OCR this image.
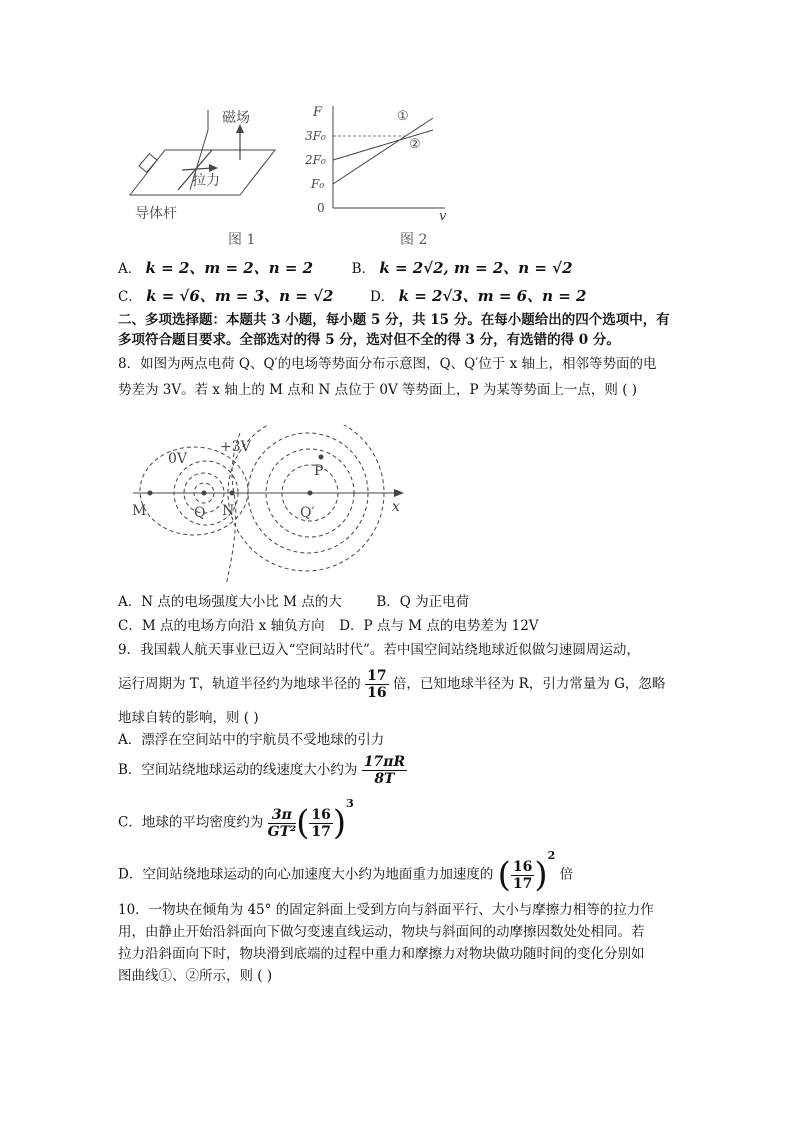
磁场
拉力
导体杆
图 1
F
3F₀
2F₀
F₀
0
v
①
②
图 2
A． k = 2、m = 2、n = 2	B． k = 2√2, m = 2、n = √2
C． k = √6、m = 3、n = √2	D． k = 2√3、m = 6、n = 2
二、多项选择题：本题共 3 小题，每小题 5 分，共 15 分。在每小题给出的四个选项中，有
多项符合题目要求。全部选对的得 5 分，选对但不全的得 3 分，有选错的得 0 分。
8．如图为两点电荷 Q、Q′的电场等势面分布示意图，Q、Q′位于 x 轴上，相邻等势面的电
势差为 3V。若 x 轴上的 M 点和 N 点位于 0V 等势面上，P 为某等势面上一点，则 ( )
0V
+3V
M	Q N	Q′
P
x
A．N 点的电场强度大小比 M 点的大	B．Q 为正电荷
C．M 点的电场方向沿 x 轴负方向 D．P 点与 M 点的电势差为 12V
9．我国载人航天事业已迈入“空间站时代”。若中国空间站绕地球近似做匀速圆周运动，
运行周期为 T，轨道半径约为地球半径的 $\frac{17}{16}$ 倍，已知地球半径为 R，引力常量为 G，忽略
地球自转的影响，则 ( )
A．漂浮在空间站中的宇航员不受地球的引力
B．空间站绕地球运动的线速度大小约为 $\frac{17\pi R}{8T}$
C．地球的平均密度约为 $\frac{3\pi}{\text{GT²}}$ ( $\frac{16}{17} )^3$
D．空间站绕地球运动的向心加速度大小约为地面重力加速度的 ( $\frac{16}{17} )^2$ 倍
10．一物块在倾角为 45° 的固定斜面上受到方向与斜面平行、大小与摩擦力相等的拉力作
用，由静止开始沿斜面向下做匀变速直线运动，物块与斜面间的动摩擦因数处处相同。若
拉力沿斜面向下时，物块滑到底端的过程中重力和摩擦力对物块做功随时间的变化分别如
图曲线①、②所示，则 ( )
